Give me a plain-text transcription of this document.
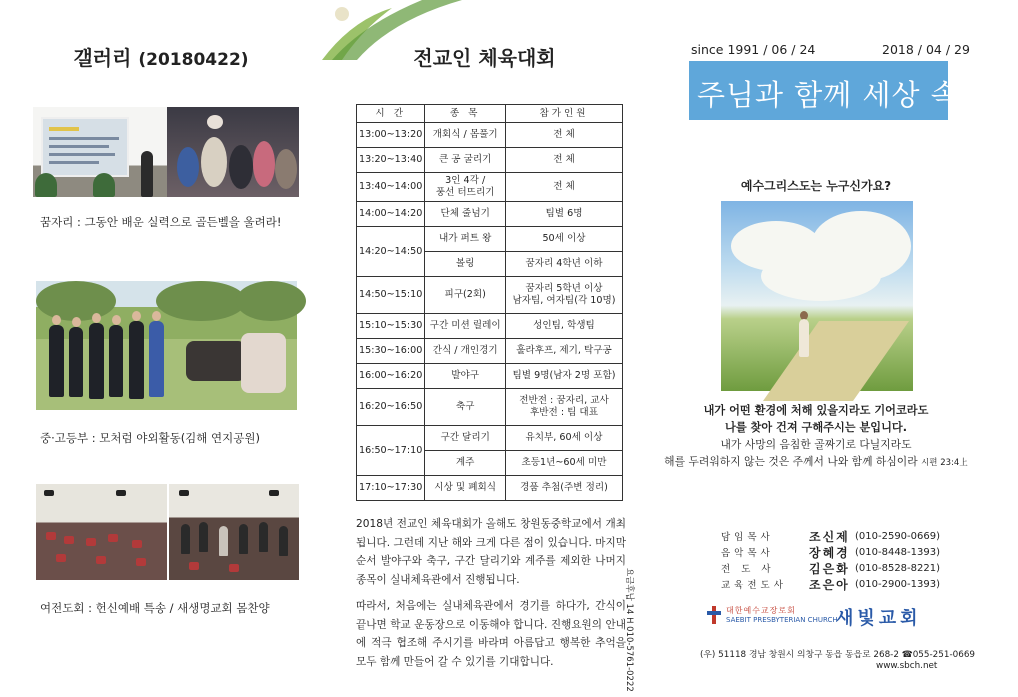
갤러리 (20180422)
꿈자리 : 그동안 배운 실력으로 골든벨을 울려라!
중·고등부 : 모처럼 야외활동(김해 연지공원)
여전도회 : 헌신예배 특송 / 새생명교회 몸찬양
전교인 체육대회
시 간	종 목	참가인원
13:00~13:20	개회식 / 몸풀기	전 체
13:20~13:40	큰 공 굴리기	전 체
13:40~14:00	3인 4각 /
풍선 터뜨리기	전 체
14:00~14:20	단체 줄넘기	팀별 6명
14:20~14:50	내가 퍼트 왕	50세 이상
	볼링	꿈자리 4학년 이하
14:50~15:10	피구(2회)	꿈자리 5학년 이상
남자팀, 여자팀(각 10명)

15:10~15:30	구간 미션 릴레이	성인팀, 학생팀
15:30~16:00	간식 / 개인경기	훌라후프, 제기, 탁구공
16:00~16:20	발야구	팀별 9명(남자 2명 포함)
16:20~16:50	축구	전반전 : 꿈자리, 교사
후반전 : 팀 대표

16:50~17:10	구간 달리기	유치부, 60세 이상
	계주	초등1년~60세 미만
17:10~17:30	시상 및 폐회식	경품 추첨(주변 정리)
2018년 전교인 체육대회가 올해도 창원동중학교에서 개최됩니다. 그런데 지난 해와 크게 다른 점이 있습니다. 마지막 순서 발야구와 축구, 구간 달리기와 계주를 제외한 나머지 종목이 실내체육관에서 진행됩니다.
따라서, 처음에는 실내체육관에서 경기를 하다가, 간식이 끝나면 학교 운동장으로 이동해야 합니다. 진행요원의 안내에 적극 협조해 주시기를 바라며 아름답고 행복한 추억을 모두 함께 만들어 갈 수 있기를 기대합니다.	요금후납 14 H 010-5761-0222
since 1991 / 06 / 24	2018 / 04 / 29
주님과 함께 세상 속으로
예수그리스도는 누구신가요?
내가 어떤 환경에 처해 있을지라도 기어코라도
나를 찾아 건져 구해주시는 분입니다.
내가 사망의 음침한 골짜기로 다닐지라도
해를 두려워하지 않는 것은 주께서 나와 함께 하심이라 시편 23:4上
담임목사	조신제 (010-2590-0669)
음악목사	장혜경 (010-8448-1393)
전 도 사	김은화 (010-8528-8221)
교육전도사	조은아 (010-2900-1393)
대한예수교장로회
SAEBIT PRESBYTERIAN CHURCH
새빛교회
(우) 51118 경남 창원시 의창구 동읍 동읍로 268-2 ☎055-251-0669
www.sbch.net
